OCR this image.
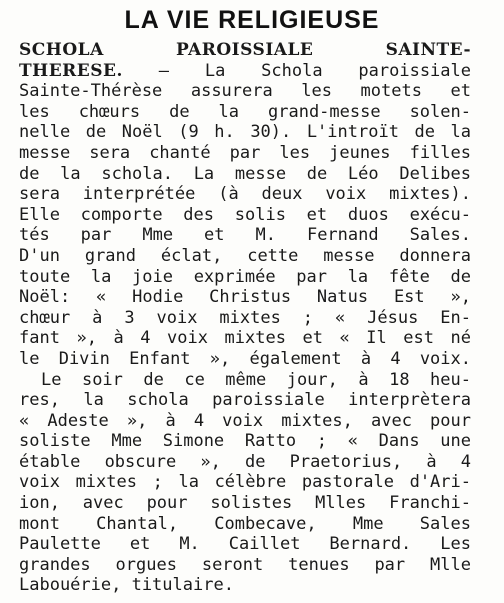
LA VIE RELIGIEUSE
SCHOLA PAROISSIALE SAINTE-
THERESE. — La Schola paroissiale
Sainte-Thérèse assurera les motets et
les chœurs de la grand-messe solen-
nelle de Noël (9 h. 30). L'introït de la
messe sera chanté par les jeunes filles
de la schola. La messe de Léo Delibes
sera interprétée (à deux voix mixtes).
Elle comporte des solis et duos exécu-
tés par Mme et M. Fernand Sales.
D'un grand éclat, cette messe donnera
toute la joie exprimée par la fête de
Noël: « Hodie Christus Natus Est »,
chœur à 3 voix mixtes ; « Jésus En-
fant », à 4 voix mixtes et « Il est né
le Divin Enfant », également à 4 voix.
Le soir de ce même jour, à 18 heu-
res, la schola paroissiale interprètera
« Adeste », à 4 voix mixtes, avec pour
soliste Mme Simone Ratto ; « Dans une
étable obscure », de Praetorius, à 4
voix mixtes ; la célèbre pastorale d'Ari-
ion, avec pour solistes Mlles Franchi-
mont Chantal, Combecave, Mme Sales
Paulette et M. Caillet Bernard. Les
grandes orgues seront tenues par Mlle
Labouérie, titulaire.
